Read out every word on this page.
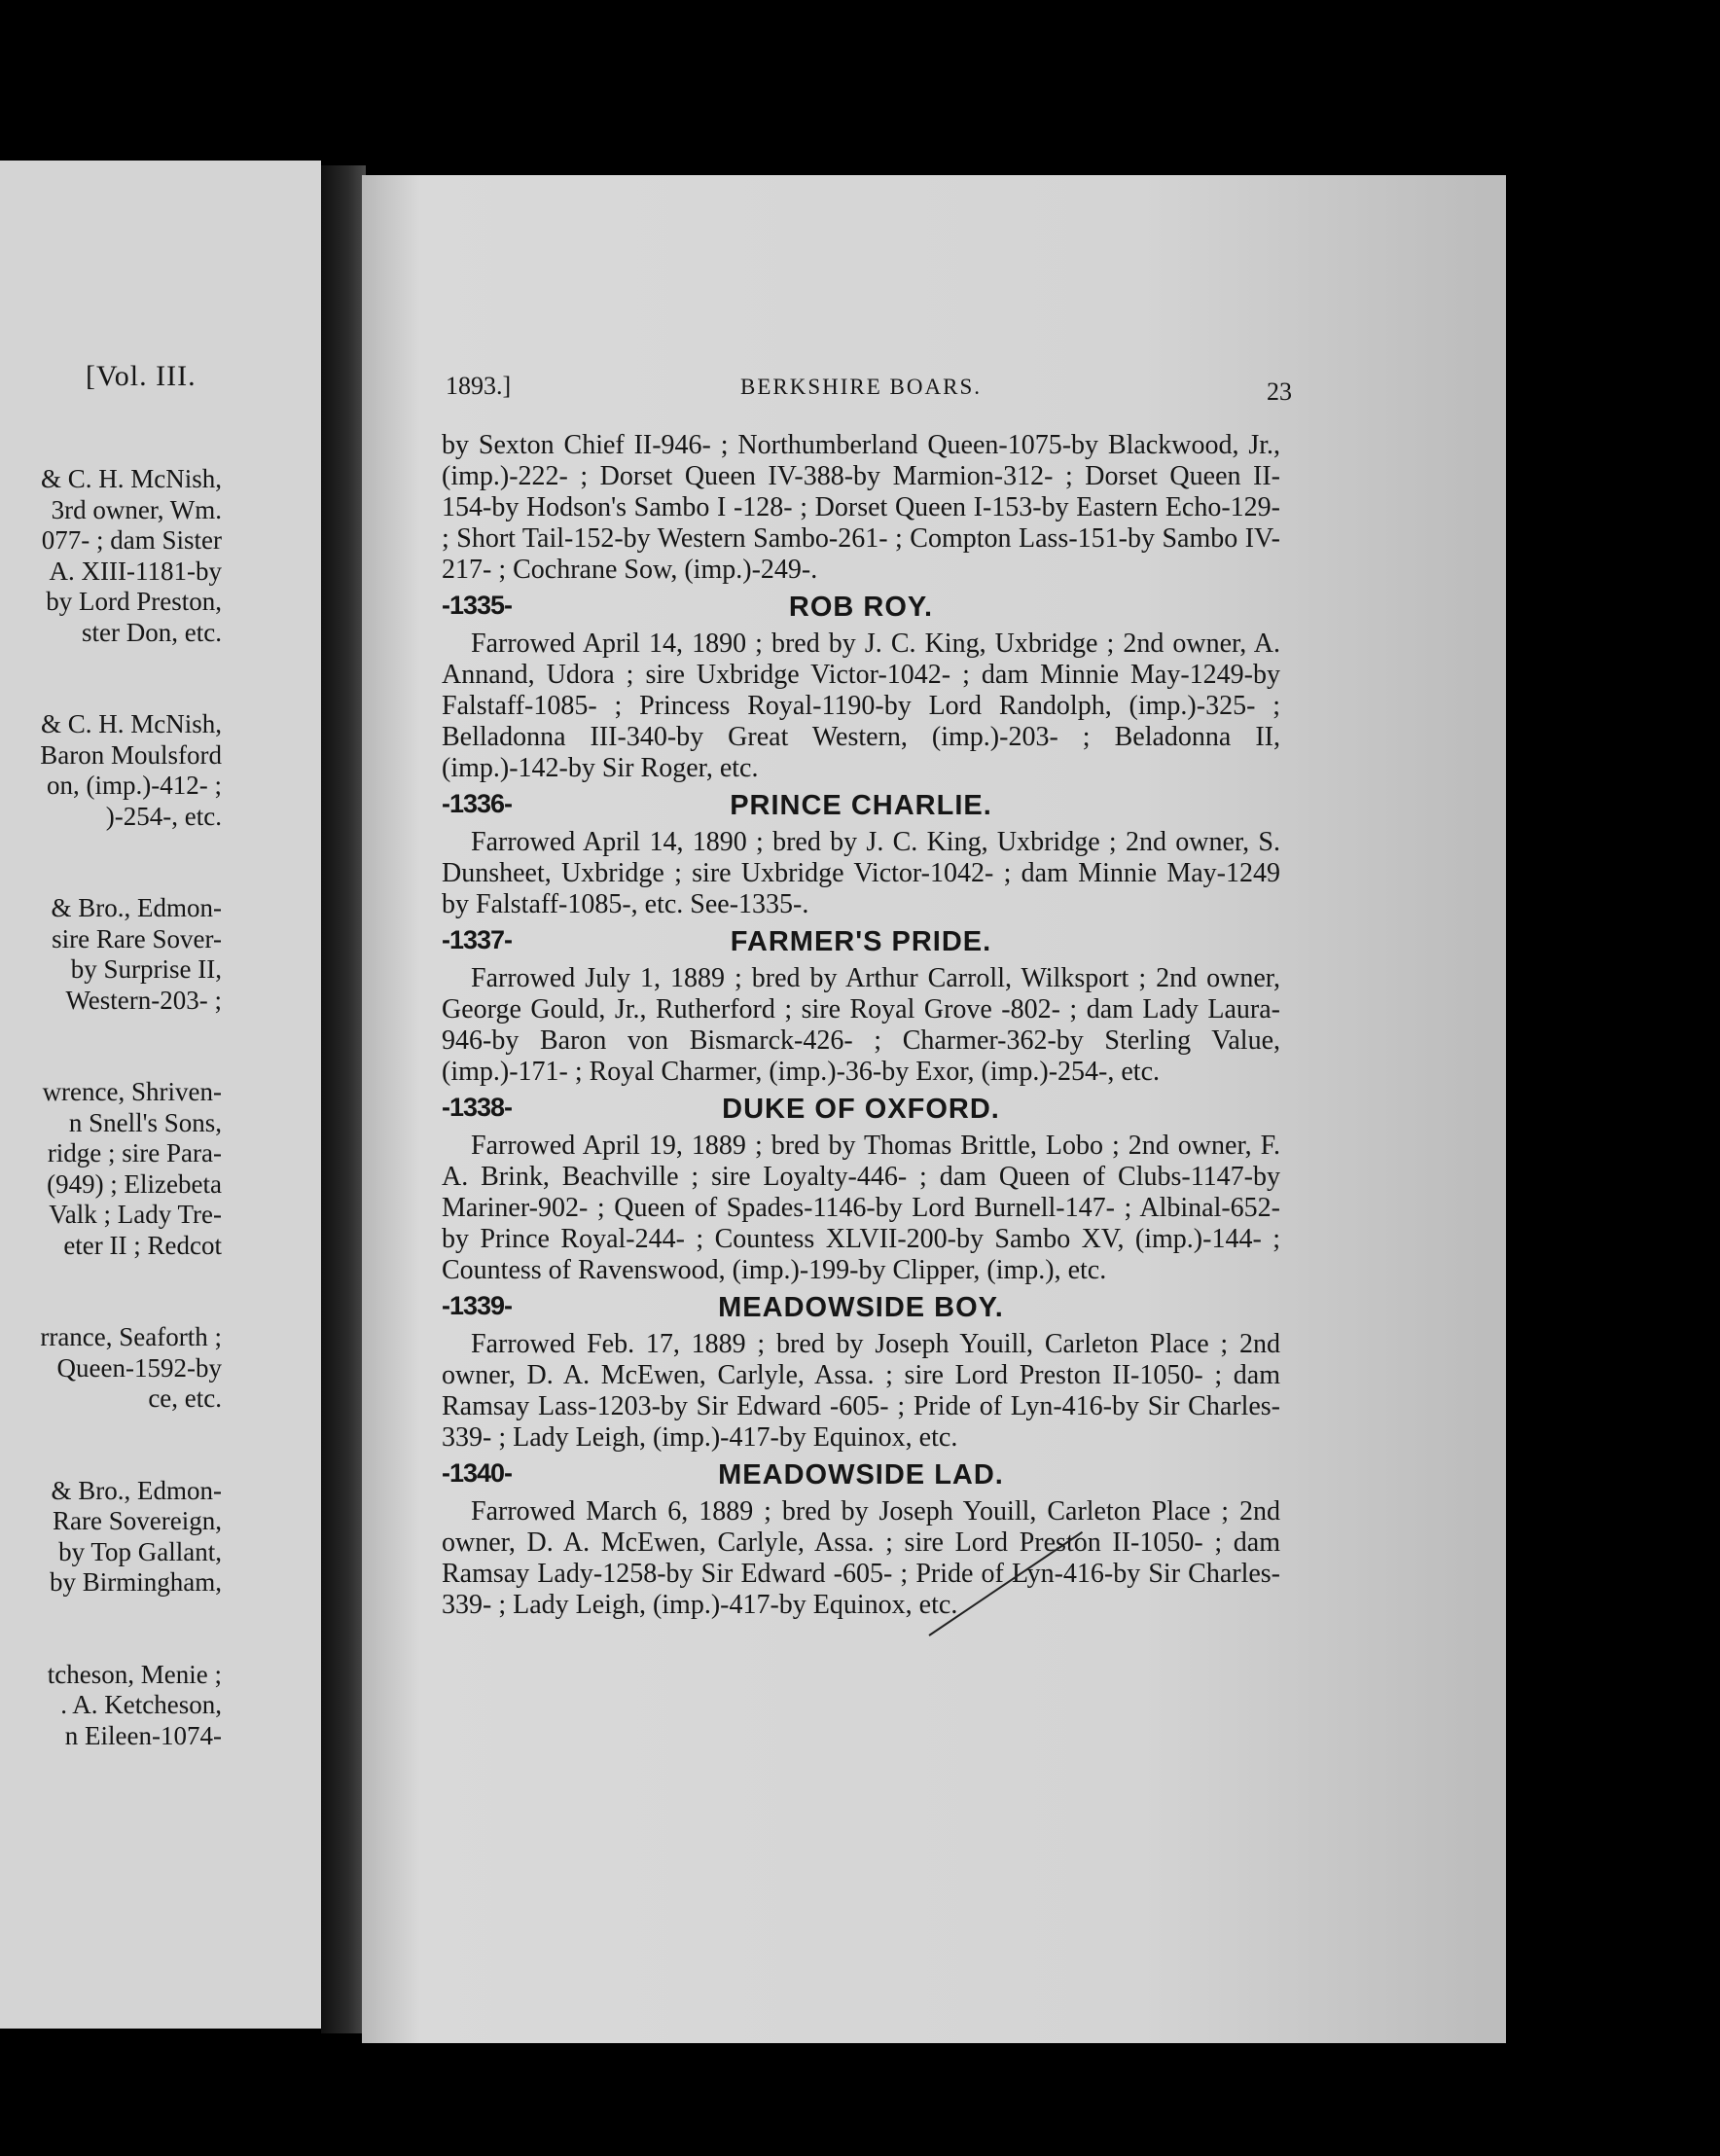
[Vol. III.
& C. H. McNish,
3rd owner, Wm.
077- ; dam Sister
A. XIII-1181-by
by Lord Preston,
ster Don, etc.

& C. H. McNish,
Baron Moulsford
on, (imp.)-412- ;
)-254-, etc.

& Bro., Edmon-
sire Rare Sover-
by Surprise II,
Western-203- ;

wrence, Shriven-
n Snell's Sons,
ridge ; sire Para-
(949) ; Elizebeta
Valk ; Lady Tre-
eter II ; Redcot

rrance, Seaforth ;
Queen-1592-by
ce, etc.

& Bro., Edmon-
Rare Sovereign,
by Top Gallant,
by Birmingham,

tcheson, Menie ;
. A. Ketcheson,
n Eileen-1074-
1893.]	BERKSHIRE BOARS.	23
by Sexton Chief II-946- ; Northumberland Queen-1075-by Blackwood, Jr., (imp.)-222- ; Dorset Queen IV-388-by Marmion-312- ; Dorset Queen II-154-by Hodson's Sambo I -128- ; Dorset Queen I-153-by Eastern Echo-129- ; Short Tail-152-by Western Sambo-261- ; Compton Lass-151-by Sambo IV-217- ; Cochrane Sow, (imp.)-249-.
-1335-	ROB ROY.
Farrowed April 14, 1890 ; bred by J. C. King, Uxbridge ; 2nd owner, A. Annand, Udora ; sire Uxbridge Victor-1042- ; dam Minnie May-1249-by Falstaff-1085- ; Princess Royal-1190-by Lord Randolph, (imp.)-325- ; Belladonna III-340-by Great Western, (imp.)-203- ; Beladonna II, (imp.)-142-by Sir Roger, etc.
-1336-	PRINCE CHARLIE.
Farrowed April 14, 1890 ; bred by J. C. King, Uxbridge ; 2nd owner, S. Dunsheet, Uxbridge ; sire Uxbridge Victor-1042- ; dam Minnie May-1249 by Falstaff-1085-, etc. See-1335-.
-1337-	FARMER'S PRIDE.
Farrowed July 1, 1889 ; bred by Arthur Carroll, Wilksport ; 2nd owner, George Gould, Jr., Rutherford ; sire Royal Grove -802- ; dam Lady Laura-946-by Baron von Bismarck-426- ; Charmer-362-by Sterling Value, (imp.)-171- ; Royal Charmer, (imp.)-36-by Exor, (imp.)-254-, etc.
-1338-	DUKE OF OXFORD.
Farrowed April 19, 1889 ; bred by Thomas Brittle, Lobo ; 2nd owner, F. A. Brink, Beachville ; sire Loyalty-446- ; dam Queen of Clubs-1147-by Mariner-902- ; Queen of Spades-1146-by Lord Burnell-147- ; Albinal-652-by Prince Royal-244- ; Countess XLVII-200-by Sambo XV, (imp.)-144- ; Countess of Ravenswood, (imp.)-199-by Clipper, (imp.), etc.
-1339-	MEADOWSIDE BOY.
Farrowed Feb. 17, 1889 ; bred by Joseph Youill, Carleton Place ; 2nd owner, D. A. McEwen, Carlyle, Assa. ; sire Lord Preston II-1050- ; dam Ramsay Lass-1203-by Sir Edward -605- ; Pride of Lyn-416-by Sir Charles-339- ; Lady Leigh, (imp.)-417-by Equinox, etc.
-1340-	MEADOWSIDE LAD.
Farrowed March 6, 1889 ; bred by Joseph Youill, Carleton Place ; 2nd owner, D. A. McEwen, Carlyle, Assa. ; sire Lord Preston II-1050- ; dam Ramsay Lady-1258-by Sir Edward -605- ; Pride of Lyn-416-by Sir Charles-339- ; Lady Leigh, (imp.)-417-by Equinox, etc.
